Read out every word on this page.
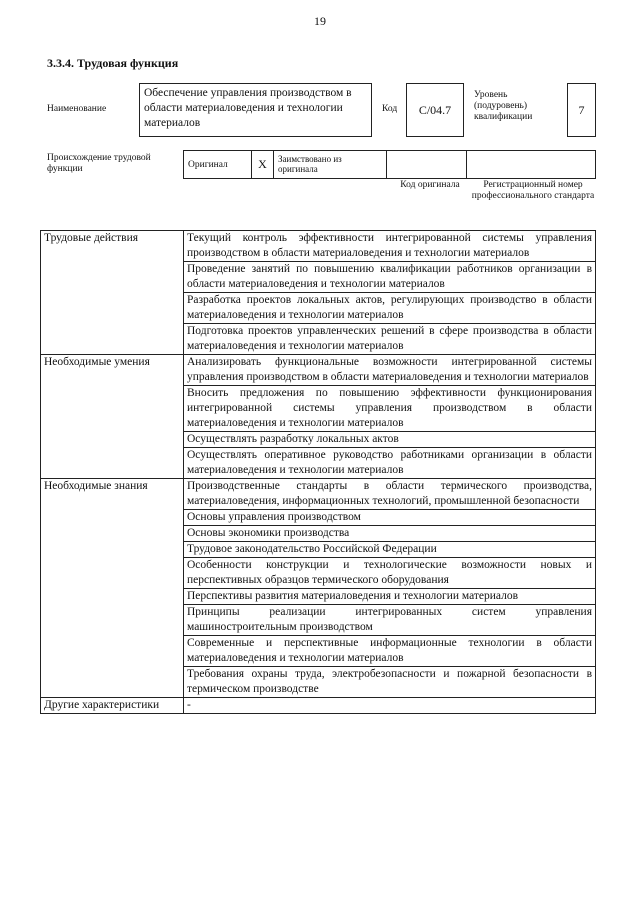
19
3.3.4. Трудовая функция
Наименование
Обеспечение управления производством в области материаловедения и технологии материалов
Код	С/04.7
Уровень (подуровень) квалификации
7
Происхождение трудовой функции	Оригинал	X	Заимствовано из оригинала
Код оригинала	Регистрационный номер профессионального стандарта
Трудовые действия	Текущий контроль эффективности интегрированной системы управления производством в области материаловедения и технологии материалов
	Проведение занятий по повышению квалификации работников организации в области материаловедения и технологии материалов
	Разработка проектов локальных актов, регулирующих производство в области материаловедения и технологии материалов
	Подготовка проектов управленческих решений в сфере производства в области материаловедения и технологии материалов
Необходимые умения	Анализировать функциональные возможности интегрированной системы управления производством в области материаловедения и технологии материалов
	Вносить предложения по повышению эффективности функционирования интегрированной системы управления производством в области материаловедения и технологии материалов
	Осуществлять разработку локальных актов
	Осуществлять оперативное руководство работниками организации в области материаловедения и технологии материалов
Необходимые знания	Производственные стандарты в области термического производства, материаловедения, информационных технологий, промышленной безопасности
	Основы управления производством
	Основы экономики производства
	Трудовое законодательство Российской Федерации
	Особенности конструкции и технологические возможности новых и перспективных образцов термического оборудования
	Перспективы развития материаловедения и технологии материалов
	Принципы реализации интегрированных систем управления машиностроительным производством
	Современные и перспективные информационные технологии в области материаловедения и технологии материалов
	Требования охраны труда, электробезопасности и пожарной безопасности в термическом производстве
Другие характеристики	-
